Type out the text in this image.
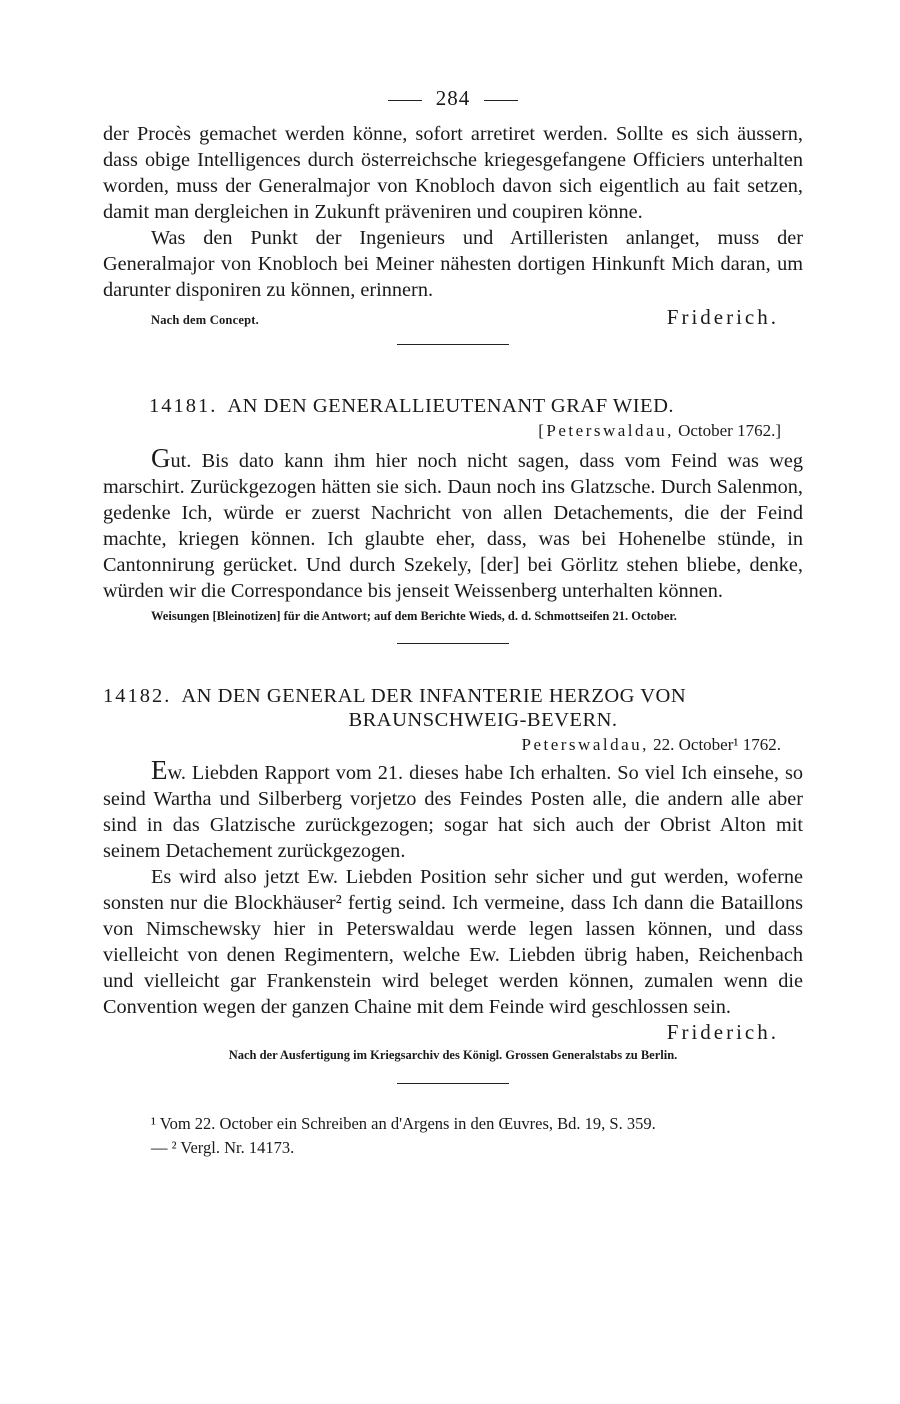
284

der Procès gemachet werden könne, sofort arretiret werden. Sollte es sich äussern, dass obige Intelligences durch österreichsche kriegesgefangene Officiers unterhalten worden, muss der Generalmajor von Knobloch davon sich eigentlich au fait setzen, damit man dergleichen in Zukunft präveniren und coupiren könne.

Was den Punkt der Ingenieurs und Artilleristen anlanget, muss der Generalmajor von Knobloch bei Meiner nähesten dortigen Hinkunft Mich daran, um darunter disponiren zu können, erinnern.

Nach dem Concept.	Friderich.
14181. AN DEN GENERALLIEUTENANT GRAF WIED.
[Peterswaldau, October 1762.]

Gut. Bis dato kann ihm hier noch nicht sagen, dass vom Feind was weg marschirt. Zurückgezogen hätten sie sich. Daun noch ins Glatzsche. Durch Salenmon, gedenke Ich, würde er zuerst Nachricht von allen Detachements, die der Feind machte, kriegen können. Ich glaubte eher, dass, was bei Hohenelbe stünde, in Cantonnirung gerücket. Und durch Szekely, [der] bei Görlitz stehen bliebe, denke, würden wir die Correspondance bis jenseit Weissenberg unterhalten können.

Weisungen [Bleinotizen] für die Antwort; auf dem Berichte Wieds, d. d. Schmottseifen 21. October.
14182. AN DEN GENERAL DER INFANTERIE HERZOG VON
BRAUNSCHWEIG-BEVERN.
Peterswaldau, 22. October¹ 1762.

Ew. Liebden Rapport vom 21. dieses habe Ich erhalten. So viel Ich einsehe, so seind Wartha und Silberberg vorjetzo des Feindes Posten alle, die andern alle aber sind in das Glatzische zurückgezogen; sogar hat sich auch der Obrist Alton mit seinem Detachement zurückgezogen.

Es wird also jetzt Ew. Liebden Position sehr sicher und gut werden, woferne sonsten nur die Blockhäuser² fertig seind. Ich vermeine, dass Ich dann die Bataillons von Nimschewsky hier in Peterswaldau werde legen lassen können, und dass vielleicht von denen Regimentern, welche Ew. Liebden übrig haben, Reichenbach und vielleicht gar Frankenstein wird beleget werden können, zumalen wenn die Convention wegen der ganzen Chaine mit dem Feinde wird geschlossen sein.

Friderich.
Nach der Ausfertigung im Kriegsarchiv des Königl. Grossen Generalstabs zu Berlin.
¹ Vom 22. October ein Schreiben an d'Argens in den Œuvres, Bd. 19, S. 359.
— ² Vergl. Nr. 14173.
